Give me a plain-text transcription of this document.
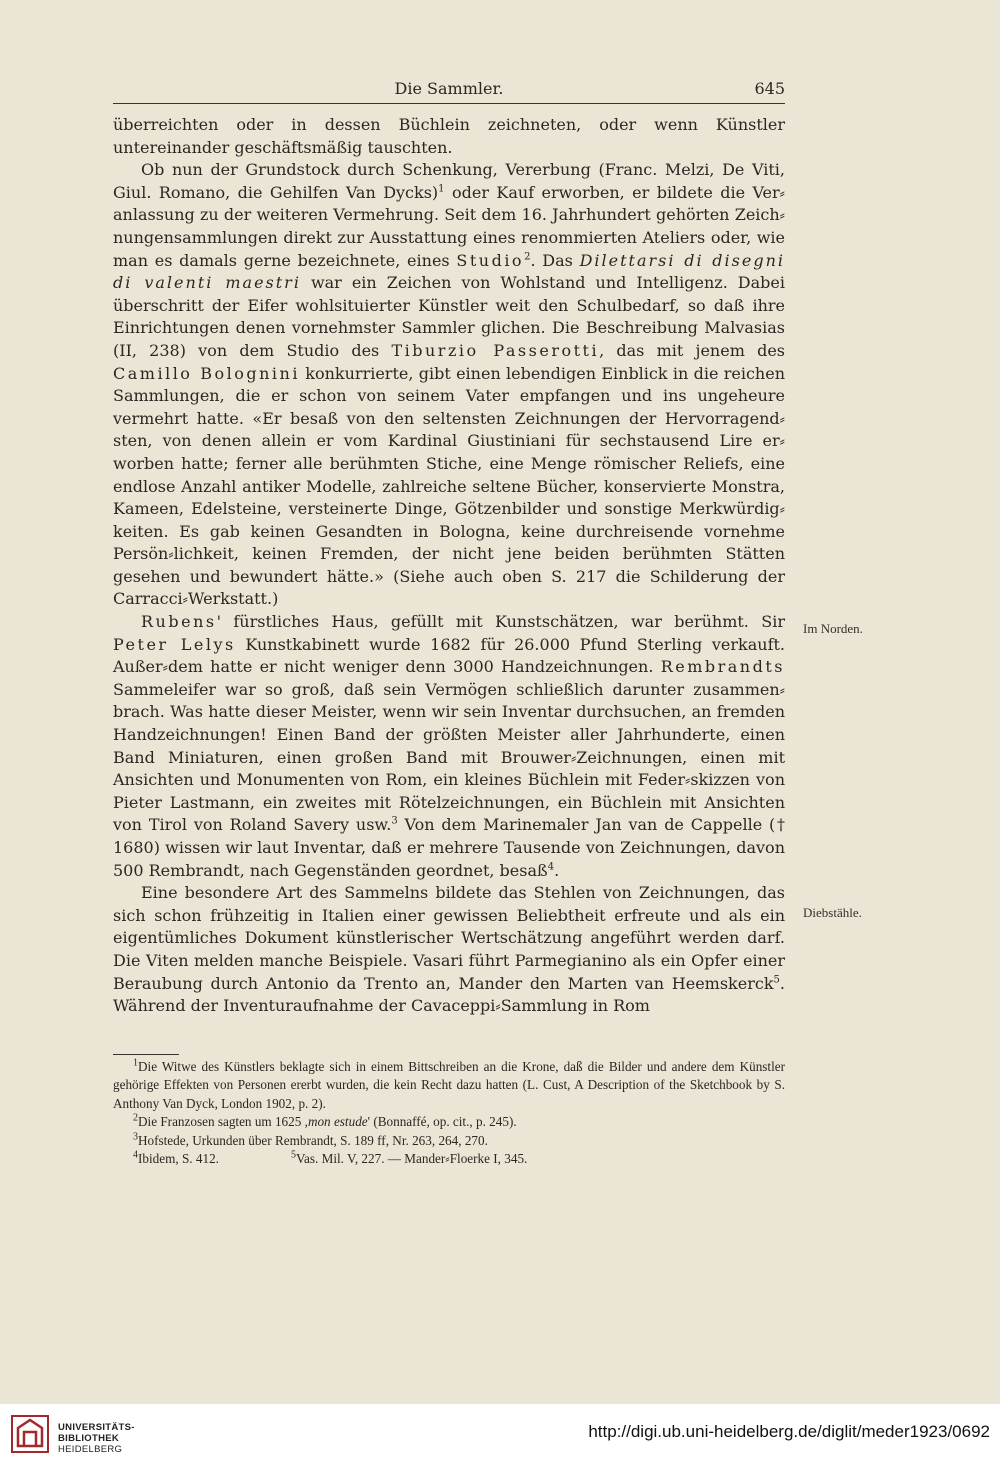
Die Sammler.	645

überreichten oder in dessen Büchlein zeichneten, oder wenn Künstler untereinander geschäftsmäßig tauschten.

Ob nun der Grundstock durch Schenkung, Vererbung (Franc. Melzi, De Viti, Giul. Romano, die Gehilfen Van Dycks)$^1$ oder Kauf erworben, er bildete die Ver⸗anlassung zu der weiteren Vermehrung. Seit dem 16. Jahrhundert gehörten Zeich⸗nungensammlungen direkt zur Ausstattung eines renommierten Ateliers oder, wie man es damals gerne bezeichnete, eines Studio$^2$. Das Dilettarsi di disegni di valenti maestri war ein Zeichen von Wohlstand und Intelligenz. Dabei überschritt der Eifer wohlsituierter Künstler weit den Schulbedarf, so daß ihre Einrichtungen denen vornehmster Sammler glichen. Die Beschreibung Malvasias (II, 238) von dem Studio des Tiburzio Passerotti, das mit jenem des Camillo Bolognini konkurrierte, gibt einen lebendigen Einblick in die reichen Sammlungen, die er schon von seinem Vater empfangen und ins ungeheure vermehrt hatte. «Er besaß von den seltensten Zeichnungen der Hervorragend⸗sten, von denen allein er vom Kardinal Giustiniani für sechstausend Lire er⸗worben hatte; ferner alle berühmten Stiche, eine Menge römischer Reliefs, eine endlose Anzahl antiker Modelle, zahlreiche seltene Bücher, konservierte Monstra, Kameen, Edelsteine, versteinerte Dinge, Götzenbilder und sonstige Merkwürdig⸗keiten. Es gab keinen Gesandten in Bologna, keine durchreisende vornehme Persön⸗lichkeit, keinen Fremden, der nicht jene beiden berühmten Stätten gesehen und bewundert hätte.» (Siehe auch oben S. 217 die Schilderung der Carracci⸗Werkstatt.)

Rubens' fürstliches Haus, gefüllt mit Kunstschätzen, war berühmt. Sir Peter Lelys Kunstkabinett wurde 1682 für 26.000 Pfund Sterling verkauft. Außer⸗dem hatte er nicht weniger denn 3000 Handzeichnungen. Rembrandts Sammeleifer war so groß, daß sein Vermögen schließlich darunter zusammen⸗brach. Was hatte dieser Meister, wenn wir sein Inventar durchsuchen, an fremden Handzeichnungen! Einen Band der größten Meister aller Jahrhunderte, einen Band Miniaturen, einen großen Band mit Brouwer⸗Zeichnungen, einen mit Ansichten und Monumenten von Rom, ein kleines Büchlein mit Feder⸗skizzen von Pieter Lastmann, ein zweites mit Rötelzeichnungen, ein Büchlein mit Ansichten von Tirol von Roland Savery usw.$^3$ Von dem Marinemaler Jan van de Cappelle († 1680) wissen wir laut Inventar, daß er mehrere Tausende von Zeichnungen, davon 500 Rembrandt, nach Gegenständen geordnet, besaß$^4$.

Eine besondere Art des Sammelns bildete das Stehlen von Zeichnungen, das sich schon frühzeitig in Italien einer gewissen Beliebtheit erfreute und als ein eigentümliches Dokument künstlerischer Wertschätzung angeführt werden darf. Die Viten melden manche Beispiele. Vasari führt Parmegianino als ein Opfer einer Beraubung durch Antonio da Trento an, Mander den Marten van Heemskerck$^5$. Während der Inventuraufnahme der Cavaceppi⸗Sammlung in Rom

Im Norden.
Diebstähle.

$^1$Die Witwe des Künstlers beklagte sich in einem Bittschreiben an die Krone, daß die Bilder und andere dem Künstler gehörige Effekten von Personen ererbt wurden, die kein Recht dazu hatten (L. Cust, A Description of the Sketchbook by S. Anthony Van Dyck, London 1902, p. 2).

$^2$Die Franzosen sagten um 1625 ,mon estude' (Bonnaffé, op. cit., p. 245).

$^3$Hofstede, Urkunden über Rembrandt, S. 189 ff, Nr. 263, 264, 270.

$^4$Ibidem, S. 412.	$^5$Vas. Mil. V, 227. — Mander⸗Floerke I, 345.

UNIVERSITÄTS-
BIBLIOTHEK
HEIDELBERG
http://digi.ub.uni-heidelberg.de/diglit/meder1923/0692
